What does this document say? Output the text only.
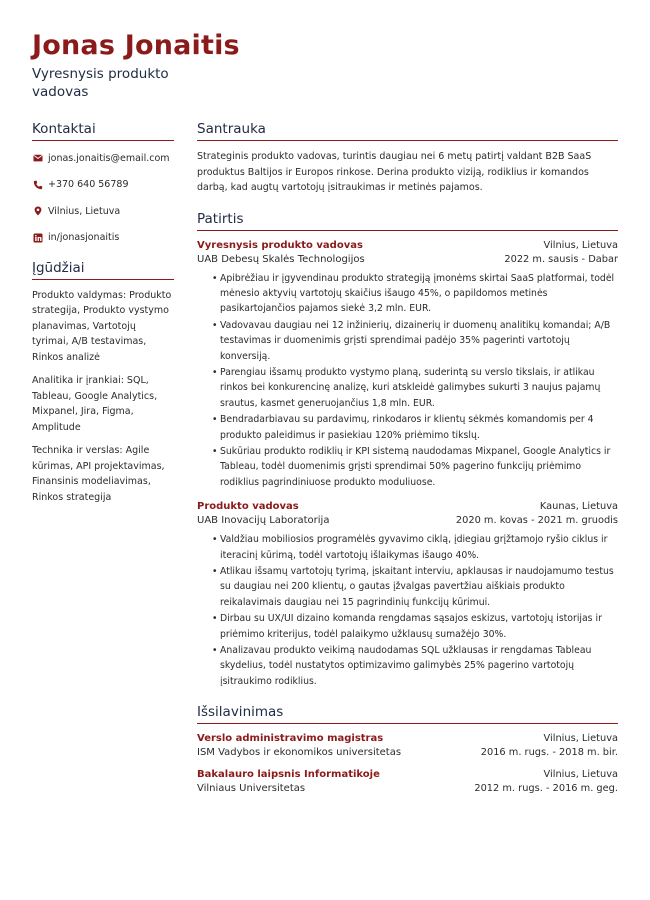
Jonas Jonaitis
Vyresnysis produkto vadovas
Kontaktai
jonas.jonaitis@email.com
+370 640 56789
Vilnius, Lietuva
in/jonasjonaitis
Įgūdžiai

Produkto valdymas: Produkto strategija, Produkto vystymo planavimas, Vartotojų tyrimai, A/B testavimas, Rinkos analizė

Analitika ir įrankiai: SQL, Tableau, Google Analytics, Mixpanel, Jira, Figma, Amplitude

Technika ir verslas: Agile kūrimas, API projektavimas, Finansinis modeliavimas, Rinkos strategija

Santrauka

Strateginis produkto vadovas, turintis daugiau nei 6 metų patirtį valdant B2B SaaS produktus Baltijos ir Europos rinkose. Derina produkto viziją, rodiklius ir komandos darbą, kad augtų vartotojų įsitraukimas ir metinės pajamos.

Patirtis
Vyresnysis produkto vadovas	Vilnius, Lietuva
UAB Debesų Skalės Technologijos	2022 m. sausis - Dabar
• Apibrėžiau ir įgyvendinau produkto strategiją įmonėms skirtai SaaS platformai, todėl mėnesio aktyvių vartotojų skaičius išaugo 45%, o papildomos metinės pasikartojančios pajamos siekė 3,2 mln. EUR.
• Vadovavau daugiau nei 12 inžinierių, dizainerių ir duomenų analitikų komandai; A/B testavimas ir duomenimis grįsti sprendimai padėjo 35% pagerinti vartotojų konversiją.
• Parengiau išsamų produkto vystymo planą, suderintą su verslo tikslais, ir atlikau rinkos bei konkurencinę analizę, kuri atskleidė galimybes sukurti 3 naujus pajamų srautus, kasmet generuojančius 1,8 mln. EUR.
• Bendradarbiavau su pardavimų, rinkodaros ir klientų sėkmės komandomis per 4 produkto paleidimus ir pasiekiau 120% priėmimo tikslų.
• Sukūriau produkto rodiklių ir KPI sistemą naudodamas Mixpanel, Google Analytics ir Tableau, todėl duomenimis grįsti sprendimai 50% pagerino funkcijų priėmimo rodiklius pagrindiniuose produkto moduliuose.
Produkto vadovas	Kaunas, Lietuva
UAB Inovacijų Laboratorija	2020 m. kovas - 2021 m. gruodis
• Valdžiau mobiliosios programėlės gyvavimo ciklą, įdiegiau grįžtamojo ryšio ciklus ir iteracinį kūrimą, todėl vartotojų išlaikymas išaugo 40%.
• Atlikau išsamų vartotojų tyrimą, įskaitant interviu, apklausas ir naudojamumo testus su daugiau nei 200 klientų, o gautas įžvalgas pavertžiau aiškiais produkto reikalavimais daugiau nei 15 pagrindinių funkcijų kūrimui.
• Dirbau su UX/UI dizaino komanda rengdamas sąsajos eskizus, vartotojų istorijas ir priėmimo kriterijus, todėl palaikymo užklausų sumažėjo 30%.
• Analizavau produkto veikimą naudodamas SQL užklausas ir rengdamas Tableau skydelius, todėl nustatytos optimizavimo galimybės 25% pagerino vartotojų įsitraukimo rodiklius.
Išsilavinimas
Verslo administravimo magistras	Vilnius, Lietuva
ISM Vadybos ir ekonomikos universitetas	2016 m. rugs. - 2018 m. bir.
Bakalauro laipsnis Informatikoje	Vilnius, Lietuva
Vilniaus Universitetas	2012 m. rugs. - 2016 m. geg.
